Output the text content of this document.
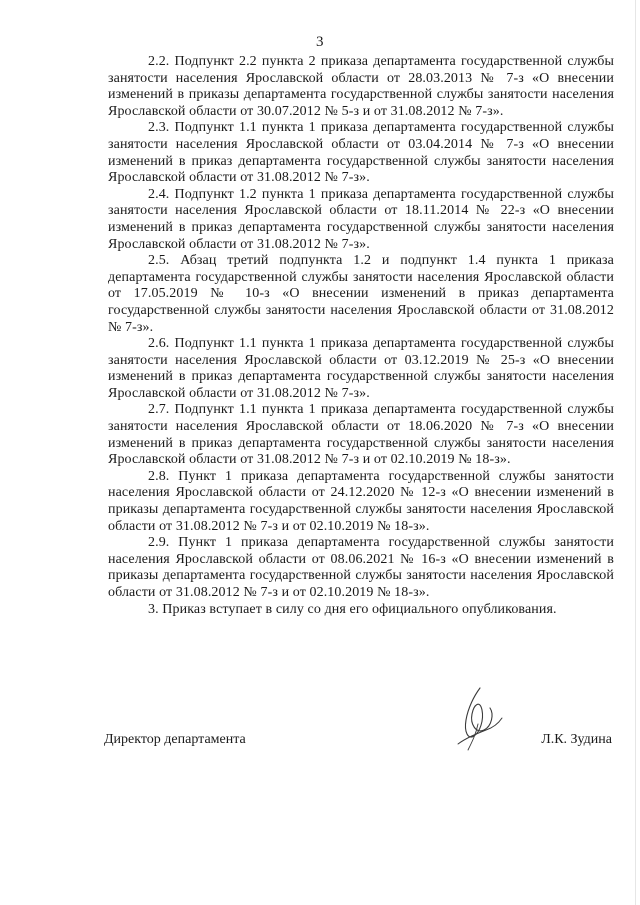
3

2.2. Подпункт 2.2 пункта 2 приказа департамента государственной службы занятости населения Ярославской области от 28.03.2013 № 7-з «О внесении изменений в приказы департамента государственной службы занятости населения Ярославской области от 30.07.2012 № 5-з и от 31.08.2012 № 7-з».

2.3. Подпункт 1.1 пункта 1 приказа департамента государственной службы занятости населения Ярославской области от 03.04.2014 № 7-з «О внесении изменений в приказ департамента государственной службы занятости населения Ярославской области от 31.08.2012 № 7-з».

2.4. Подпункт 1.2 пункта 1 приказа департамента государственной службы занятости населения Ярославской области от 18.11.2014 № 22-з «О внесении изменений в приказ департамента государственной службы занятости населения Ярославской области от 31.08.2012 № 7-з».

2.5. Абзац третий подпункта 1.2 и подпункт 1.4 пункта 1 приказа департамента государственной службы занятости населения Ярославской области от 17.05.2019 № 10-з «О внесении изменений в приказ департамента государственной службы занятости населения Ярославской области от 31.08.2012 № 7-з».

2.6. Подпункт 1.1 пункта 1 приказа департамента государственной службы занятости населения Ярославской области от 03.12.2019 № 25-з «О внесении изменений в приказ департамента государственной службы занятости населения Ярославской области от 31.08.2012 № 7-з».

2.7. Подпункт 1.1 пункта 1 приказа департамента государственной службы занятости населения Ярославской области от 18.06.2020 № 7-з «О внесении изменений в приказ департамента государственной службы занятости населения Ярославской области от 31.08.2012 № 7-з и от 02.10.2019 № 18-з».

2.8. Пункт 1 приказа департамента государственной службы занятости населения Ярославской области от 24.12.2020 № 12-з «О внесении изменений в приказы департамента государственной службы занятости населения Ярославской области от 31.08.2012 № 7-з и от 02.10.2019 № 18-з».

2.9. Пункт 1 приказа департамента государственной службы занятости населения Ярославской области от 08.06.2021 № 16-з «О внесении изменений в приказы департамента государственной службы занятости населения Ярославской области от 31.08.2012 № 7-з и от 02.10.2019 № 18-з».

3. Приказ вступает в силу со дня его официального опубликования.

Директор департамента	Л.К. Зудина
